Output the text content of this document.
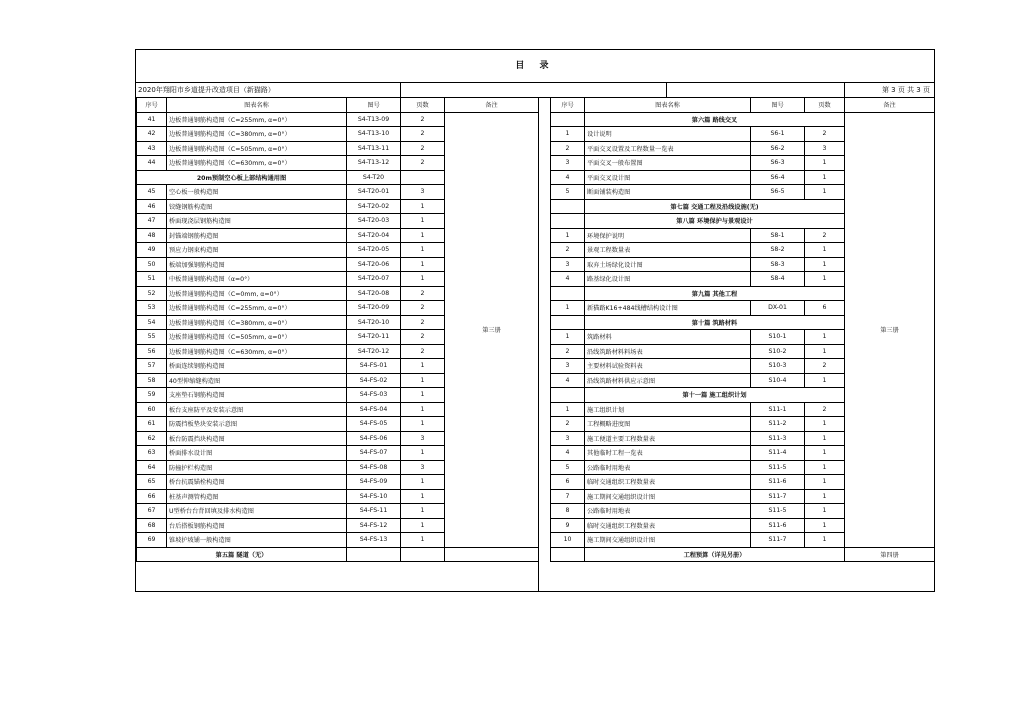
目 录
2020年翔阳市乡道提升改造项目（新猫路）	第 3 页 共 3 页
序号	图表名称	图号	页数	备注
41	边板普通钢筋构造图（C=255mm, α=0°）	S4-T13-09	2	第三册
42	边板普通钢筋构造图（C=380mm, α=0°）	S4-T13-10	2	
43	边板普通钢筋构造图（C=505mm, α=0°）	S4-T13-11	2	
44	边板普通钢筋构造图（C=630mm, α=0°）	S4-T13-12	2	
20m预制空心板上部结构通用图		S4-T20		
45	空心板一般构造图	S4-T20-01	3	
46	铰缝钢筋构造图	S4-T20-02	1	
47	桥面现浇层钢筋构造图	S4-T20-03	1	
48	封锚端钢筋构造图	S4-T20-04	1	
49	预应力钢束构造图	S4-T20-05	1	
50	板端加强钢筋构造图	S4-T20-06	1	
51	中板普通钢筋构造图（α=0°）	S4-T20-07	1	
52	边板普通钢筋构造图（C=0mm, α=0°）	S4-T20-08	2	
53	边板普通钢筋构造图（C=255mm, α=0°）	S4-T20-09	2	
54	边板普通钢筋构造图（C=380mm, α=0°）	S4-T20-10	2	
55	边板普通钢筋构造图（C=505mm, α=0°）	S4-T20-11	2	
56	边板普通钢筋构造图（C=630mm, α=0°）	S4-T20-12	2	
57	桥面连续钢筋构造图	S4-FS-01	1	
58	40型伸缩缝构造图	S4-FS-02	1	
59	支座垫石钢筋构造图	S4-FS-03	1	
60	板台支座防平及安装示意图	S4-FS-04	1	
61	防震挡板垫块安装示意图	S4-FS-05	1	
62	板台防震挡块构造图	S4-FS-06	3	
63	桥面排水设计图	S4-FS-07	1	
64	防撞护栏构造图	S4-FS-08	3	
65	桥台抗震锚栓构造图	S4-FS-09	1	
66	桩基声测管构造图	S4-FS-10	1	
67	U型桥台台背回填及排水构造图	S4-FS-11	1	
68	台后搭板钢筋构造图	S4-FS-12	1	
69	锥坡护坡铺一般构造图	S4-FS-13	1	
第五篇 隧道（无）				
序号	图表名称	图号	页数	备注
	第六篇 路线交叉			第三册
1	设计说明	S6-1	2	
2	平面交叉设置及工程数量一览表	S6-2	3	
3	平面交叉一般布置图	S6-3	1	
4	平面交叉设计图	S6-4	1	
5	断面铺装构造图	S6-5	1	
	第七篇 交通工程及沿线设施(无)			
	第八篇 环境保护与景观设计			
1	环境保护说明	S8-1	2	
2	景观工程数量表	S8-2	1	
3	取弃土场绿化设计图	S8-3	1	
4	路基绿化设计图	S8-4	1	
	第九篇 其他工程			
1	新猫路K16+484线槽结构设计图	DX-01	6	
	第十篇 筑路材料			
1	筑路材料	S10-1	1	
2	沿线筑路材料料场表	S10-2	1	
3	主要材料试验资料表	S10-3	2	
4	沿线筑路材料供应示意图	S10-4	1	
	第十一篇 施工组织计划			
1	施工组织计划	S11-1	2	
2	工程概略进度图	S11-2	1	
3	施工便道主要工程数量表	S11-3	1	
4	其他临时工程一览表	S11-4	1	
5	公路临时用地表	S11-5	1	
6	临时交通组织工程数量表	S11-6	1	
7	施工期间交通组织设计图	S11-7	1	
8	公路临时用地表	S11-5	1	
9	临时交通组织工程数量表	S11-6	1	
10	施工期间交通组织设计图	S11-7	1	
	工程预算（详见另册）			第四册
